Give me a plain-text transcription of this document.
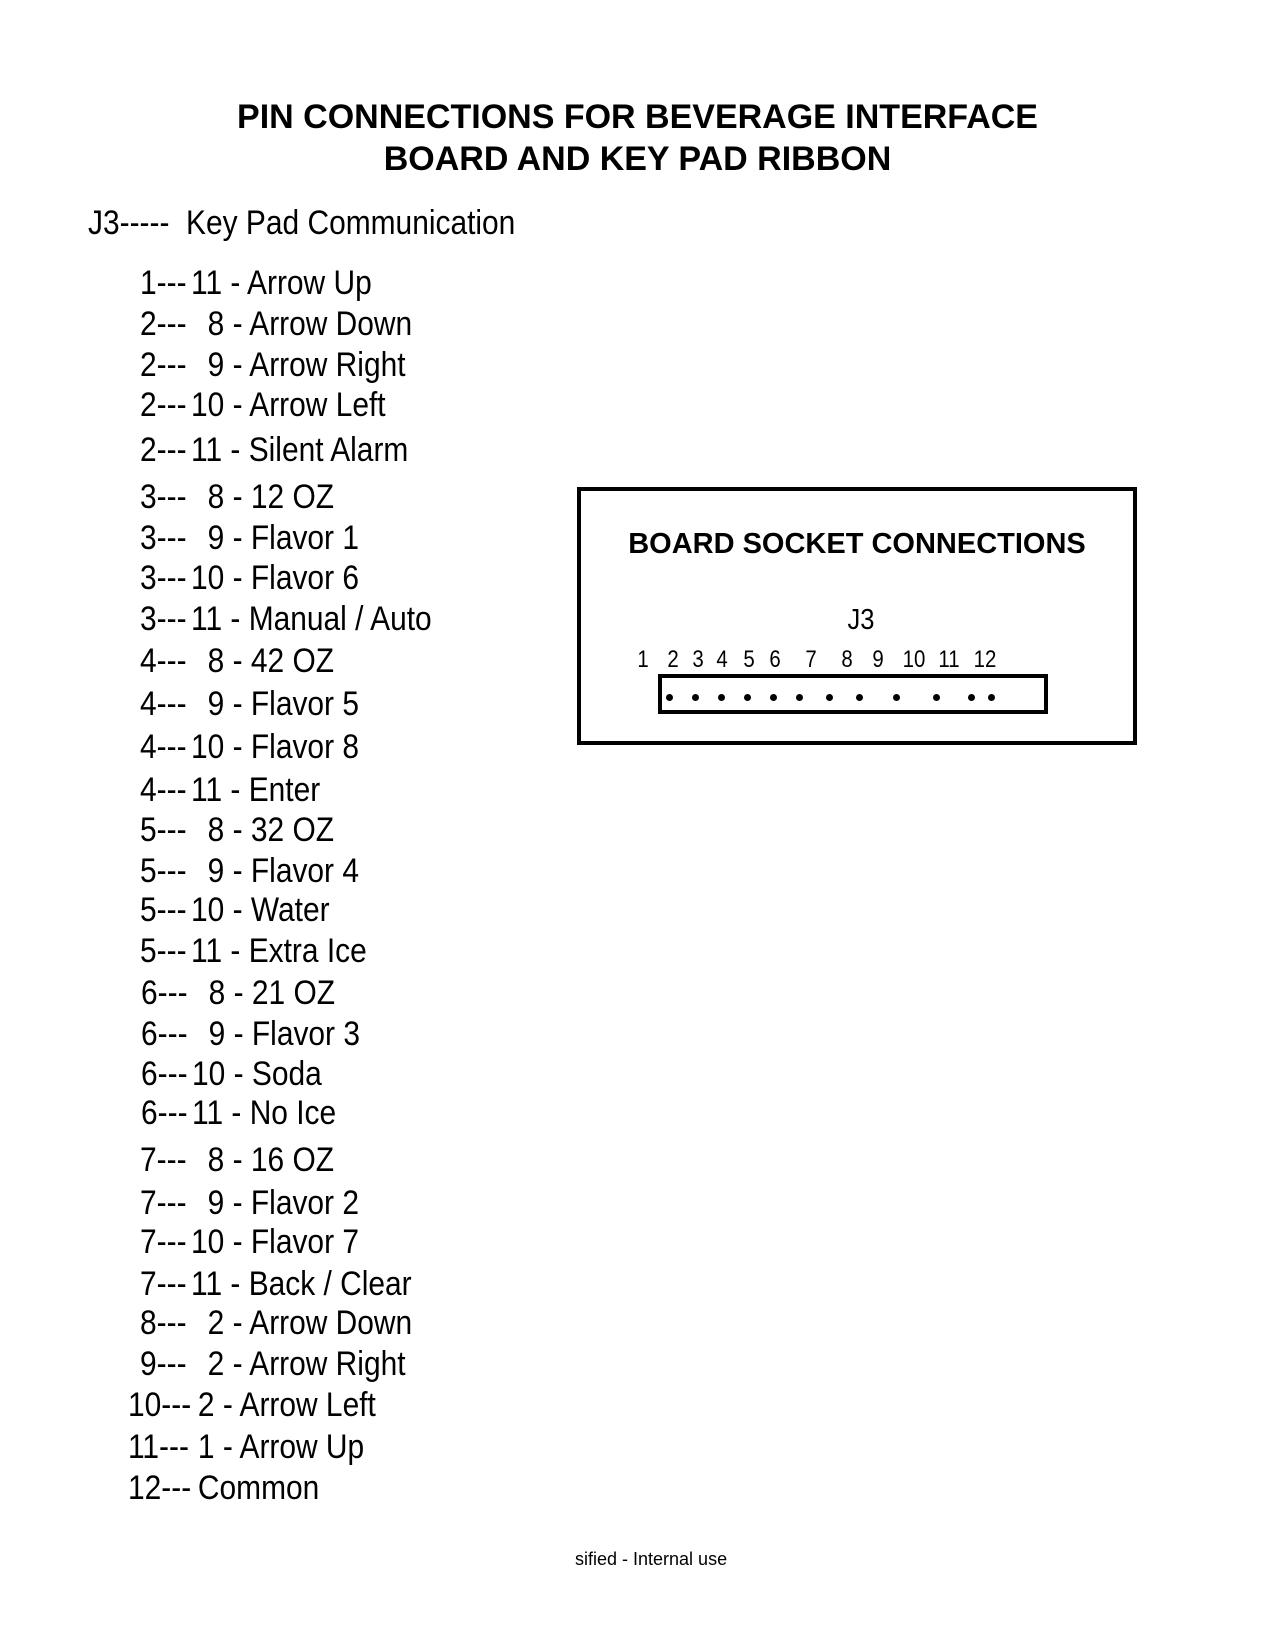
PIN CONNECTIONS FOR BEVERAGE INTERFACE
BOARD AND KEY PAD RIBBON
J3-----  Key Pad Communication
1--- 11 - Arrow Up
2--- 8 - Arrow Down
2--- 9 - Arrow Right
2--- 10 - Arrow Left
2--- 11 - Silent Alarm
3--- 8 - 12 OZ
3--- 9 - Flavor 1
3--- 10 - Flavor 6
3--- 11 - Manual / Auto
4--- 8 - 42 OZ
4--- 9 - Flavor 5
4--- 10 - Flavor 8
4--- 11 - Enter
5--- 8 - 32 OZ
5--- 9 - Flavor 4
5--- 10 - Water
5--- 11 - Extra Ice
6--- 8 - 21 OZ
6--- 9 - Flavor 3
6--- 10 - Soda
6--- 11 - No Ice
7--- 8 - 16 OZ
7--- 9 - Flavor 2
7--- 10 - Flavor 7
7--- 11 - Back / Clear
8--- 2 - Arrow Down
9--- 2 - Arrow Right
10---
2 - Arrow Left
11--- 1 - Arrow Up
12---
Common
BOARD SOCKET CONNECTIONS
J3
1 2 3 4 5 6 7 8 9 10 11 12
sified - Internal use
